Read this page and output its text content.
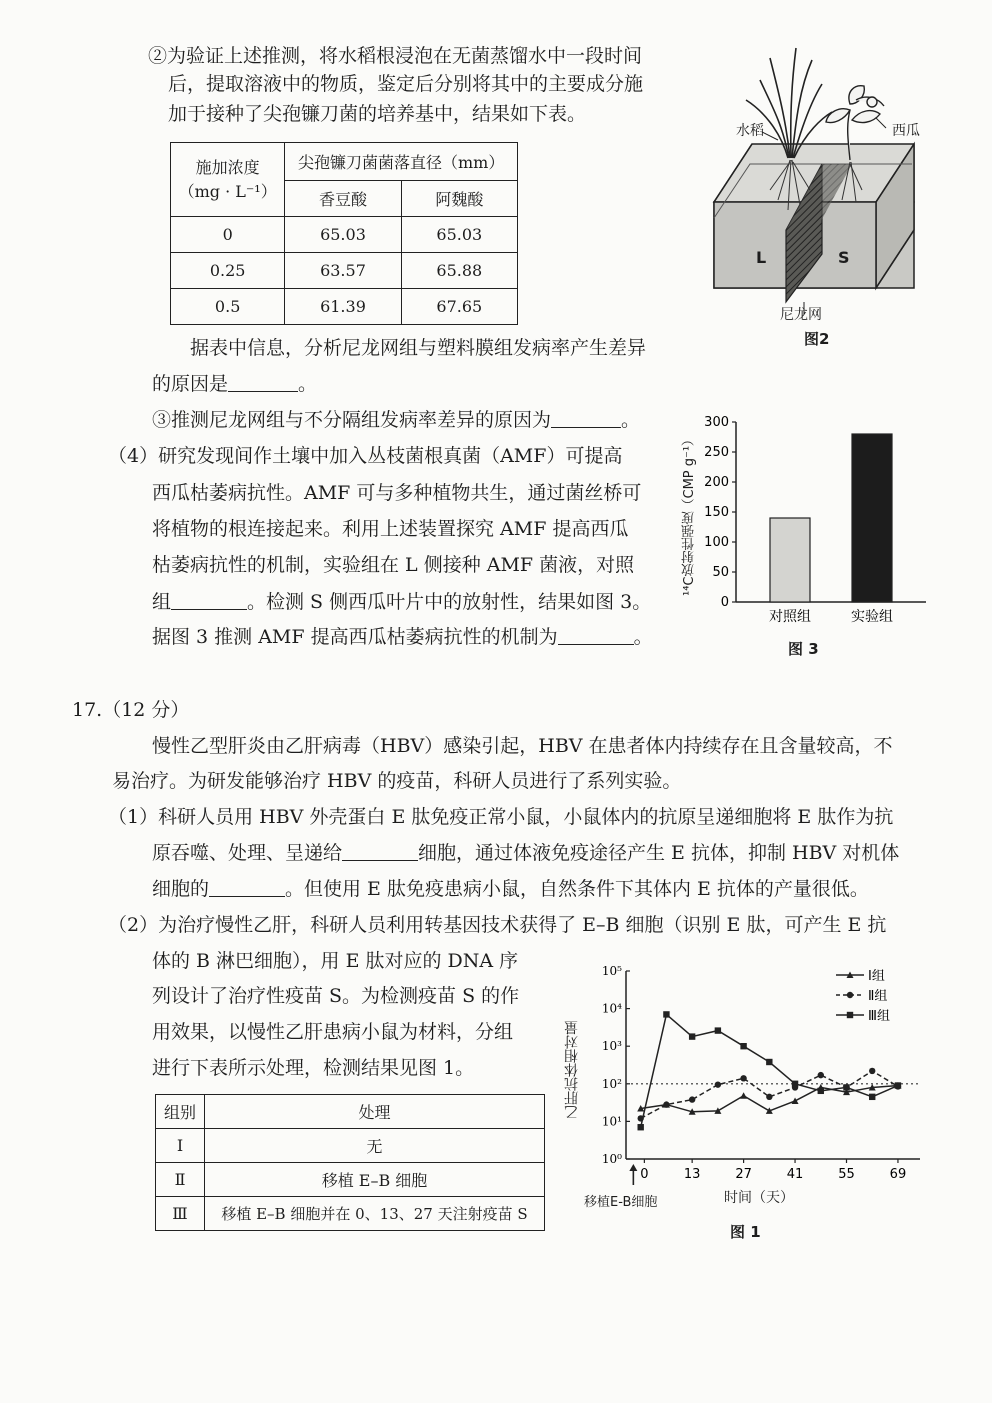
②为验证上述推测，将水稻根浸泡在无菌蒸馏水中一段时间
后，提取溶液中的物质，鉴定后分别将其中的主要成分施
加于接种了尖孢镰刀菌的培养基中，结果如下表。
施加浓度
（mg · L⁻¹）	尖孢镰刀菌菌落直径（mm）	
	香豆酸	阿魏酸
0	65.03	65.03
0.25	63.57	65.88
0.5	61.39	67.65
据表中信息，分析尼龙网组与塑料膜组发病率产生差异
的原因是	。
③推测尼龙网组与不分隔组发病率差异的原因为	。
（4）研究发现间作土壤中加入丛枝菌根真菌（AMF）可提高
西瓜枯萎病抗性。AMF 可与多种植物共生，通过菌丝桥可
将植物的根连接起来。利用上述装置探究 AMF 提高西瓜
枯萎病抗性的机制，实验组在 L 侧接种 AMF 菌液，对照
组	。检测 S 侧西瓜叶片中的放射性，结果如图 3。
据图 3 推测 AMF 提高西瓜枯萎病抗性的机制为	。
水稻	西瓜
L	S
尼龙网
图2
0
50
100
150
200
250
300
对照组	实验组
¹⁴C放射性强度（CMP g⁻¹）
图 3
17.（12 分）
慢性乙型肝炎由乙肝病毒（HBV）感染引起，HBV 在患者体内持续存在且含量较高，不
易治疗。为研发能够治疗 HBV 的疫苗，科研人员进行了系列实验。
（1）科研人员用 HBV 外壳蛋白 E 肽免疫正常小鼠，小鼠体内的抗原呈递细胞将 E 肽作为抗
原吞噬、处理、呈递给	细胞，通过体液免疫途径产生 E 抗体，抑制 HBV 对机体
细胞的	。但使用 E 肽免疫患病小鼠，自然条件下其体内 E 抗体的产量很低。
（2）为治疗慢性乙肝，科研人员利用转基因技术获得了 E–B 细胞（识别 E 肽，可产生 E 抗
体的 B 淋巴细胞），用 E 肽对应的 DNA 序
列设计了治疗性疫苗 S。为检测疫苗 S 的作
用效果，以慢性乙肝患病小鼠为材料，分组
进行下表所示处理，检测结果见图 1。
组别	处理
Ⅰ	无
Ⅱ	移植 E–B 细胞
Ⅲ	移植 E–B 细胞并在 0、13、27 天注射疫苗 S
10⁰
10¹
10²
10³
10⁴
10⁵
0	13	27	41	55	69
Ⅰ组
Ⅱ组
Ⅲ组
乙肝抗体相对量
移植E-B细胞	时间（天）
图 1
